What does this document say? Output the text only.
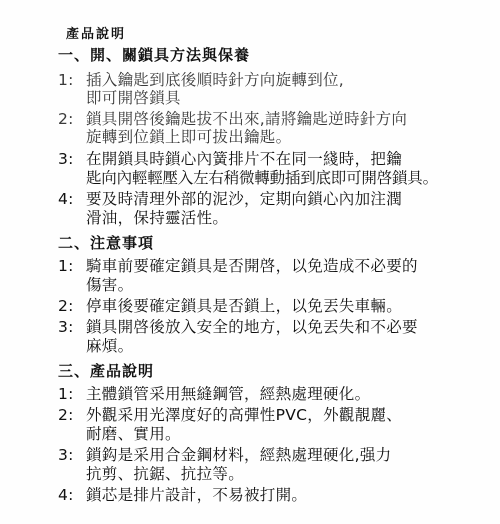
產品說明
一、開、關鎖具方法與保養
1: 插入鑰匙到底後順時針方向旋轉到位,
即可開啓鎖具
2: 鎖具開啓後鑰匙拔不出來,請將鑰匙逆時針方向
旋轉到位鎖上即可拔出鑰匙。
3: 在開鎖具時鎖心內簧排片不在同一綫時，把鑰
匙向內輕輕壓入左右稍微轉動插到底即可開啓鎖具。
4: 要及時清理外部的泥沙，定期向鎖心內加注潤
滑油，保持靈活性。
二、注意事項
1: 騎車前要確定鎖具是否開啓，以免造成不必要的
傷害。
2: 停車後要確定鎖具是否鎖上，以免丟失車輛。
3: 鎖具開啓後放入安全的地方，以免丟失和不必要
麻煩。
三、產品說明
1: 主體鎖管采用無縫鋼管，經熱處理硬化。
2: 外觀采用光澤度好的高彈性PVC，外觀靚麗、
耐磨、實用。
3: 鎖鈎是采用合金鋼材料，經熱處理硬化,强力
抗剪、抗鋸、抗拉等。
4: 鎖芯是排片設計，不易被打開。
